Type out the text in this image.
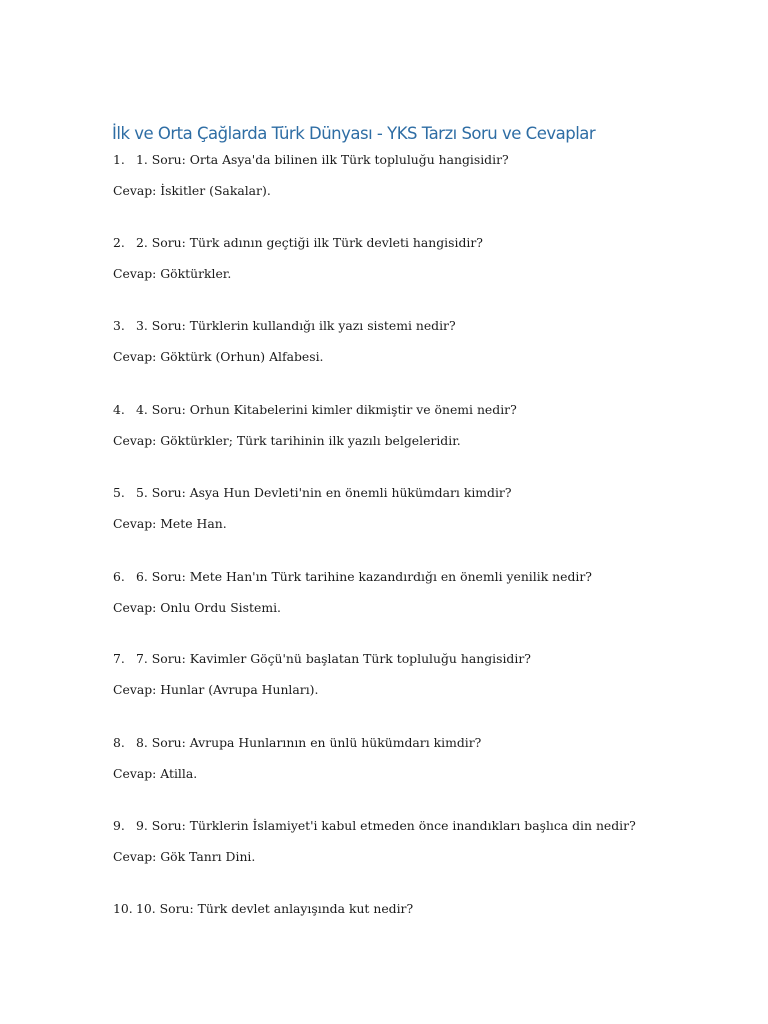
İlk ve Orta Çağlarda Türk Dünyası - YKS Tarzı Soru ve Cevaplar
1. 1. Soru: Orta Asya'da bilinen ilk Türk topluluğu hangisidir?
Cevap: İskitler (Sakalar).
2. 2. Soru: Türk adının geçtiği ilk Türk devleti hangisidir?
Cevap: Göktürkler.
3. 3. Soru: Türklerin kullandığı ilk yazı sistemi nedir?
Cevap: Göktürk (Orhun) Alfabesi.
4. 4. Soru: Orhun Kitabelerini kimler dikmiştir ve önemi nedir?
Cevap: Göktürkler; Türk tarihinin ilk yazılı belgeleridir.
5. 5. Soru: Asya Hun Devleti'nin en önemli hükümdarı kimdir?
Cevap: Mete Han.
6. 6. Soru: Mete Han'ın Türk tarihine kazandırdığı en önemli yenilik nedir?
Cevap: Onlu Ordu Sistemi.
7. 7. Soru: Kavimler Göçü'nü başlatan Türk topluluğu hangisidir?
Cevap: Hunlar (Avrupa Hunları).
8. 8. Soru: Avrupa Hunlarının en ünlü hükümdarı kimdir?
Cevap: Atilla.
9. 9. Soru: Türklerin İslamiyet'i kabul etmeden önce inandıkları başlıca din nedir?
Cevap: Gök Tanrı Dini.
10. 10. Soru: Türk devlet anlayışında kut nedir?
